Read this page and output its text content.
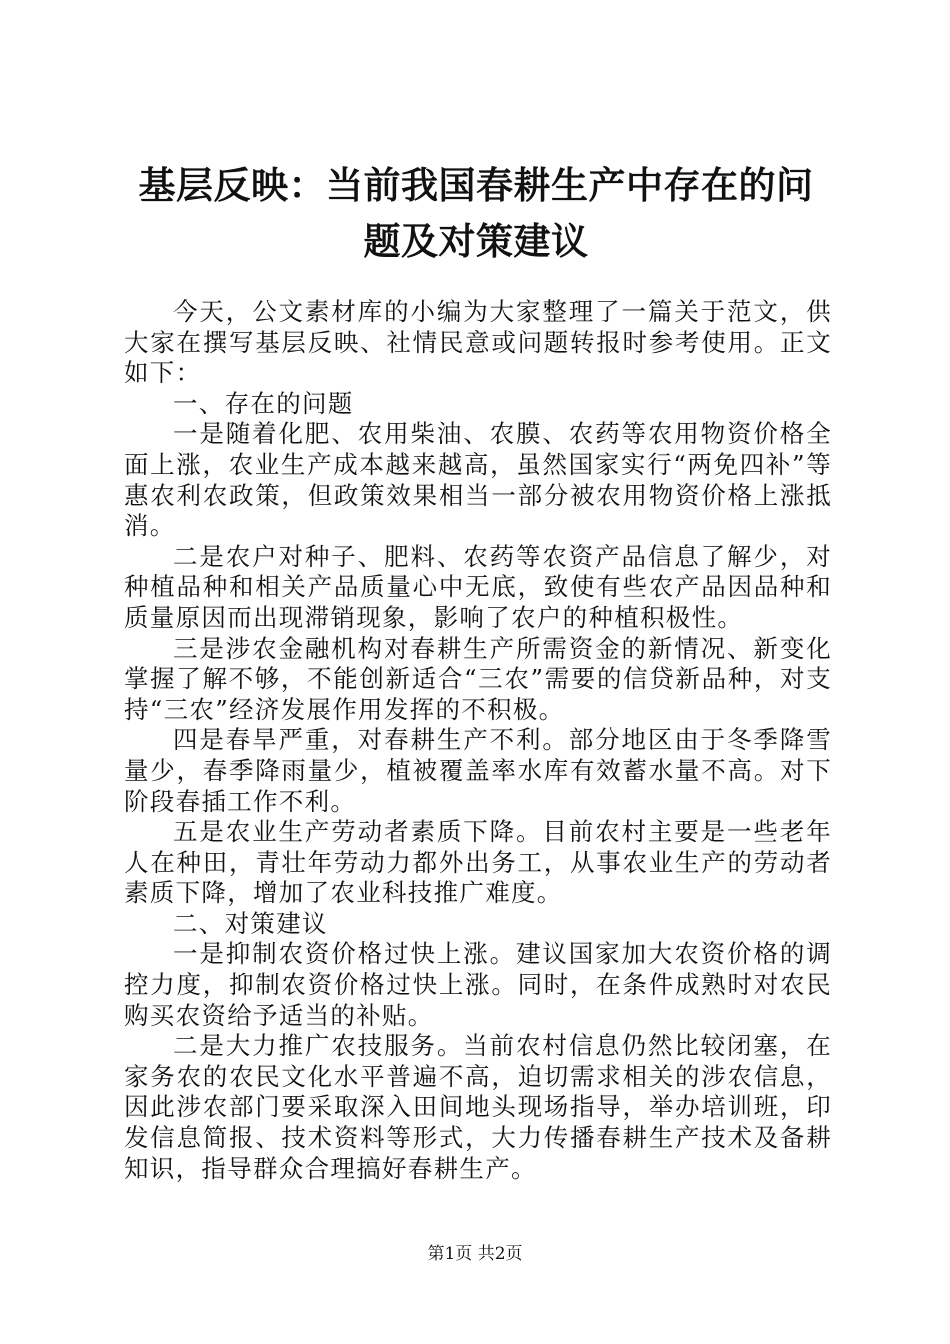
基层反映：当前我国春耕生产中存在的问题及对策建议

今天，公文素材库的小编为大家整理了一篇关于范文，供大家在撰写基层反映、社情民意或问题转报时参考使用。正文如下：

一、存在的问题

一是随着化肥、农用柴油、农膜、农药等农用物资价格全面上涨，农业生产成本越来越高，虽然国家实行“两免四补”等惠农利农政策，但政策效果相当一部分被农用物资价格上涨抵消。

二是农户对种子、肥料、农药等农资产品信息了解少，对种植品种和相关产品质量心中无底，致使有些农产品因品种和质量原因而出现滞销现象，影响了农户的种植积极性。

三是涉农金融机构对春耕生产所需资金的新情况、新变化掌握了解不够，不能创新适合“三农”需要的信贷新品种，对支持“三农”经济发展作用发挥的不积极。

四是春旱严重，对春耕生产不利。部分地区由于冬季降雪量少，春季降雨量少，植被覆盖率水库有效蓄水量不高。对下阶段春插工作不利。

五是农业生产劳动者素质下降。目前农村主要是一些老年人在种田，青壮年劳动力都外出务工，从事农业生产的劳动者素质下降，增加了农业科技推广难度。

二、对策建议

一是抑制农资价格过快上涨。建议国家加大农资价格的调控力度，抑制农资价格过快上涨。同时，在条件成熟时对农民购买农资给予适当的补贴。

二是大力推广农技服务。当前农村信息仍然比较闭塞，在家务农的农民文化水平普遍不高，迫切需求相关的涉农信息，因此涉农部门要采取深入田间地头现场指导，举办培训班，印发信息简报、技术资料等形式，大力传播春耕生产技术及备耕知识，指导群众合理搞好春耕生产。

第1页 共2页
